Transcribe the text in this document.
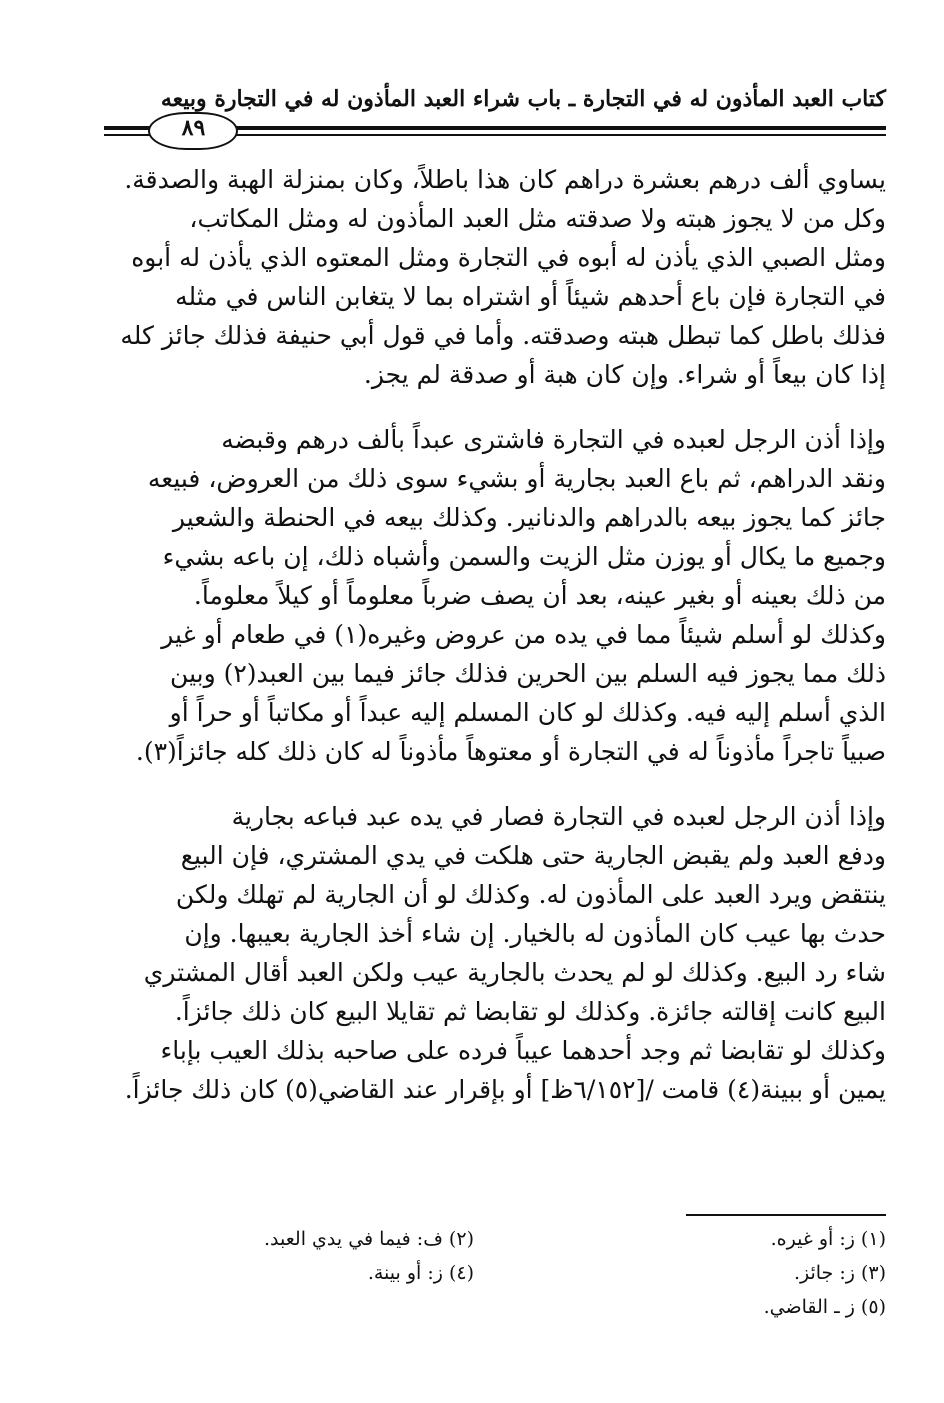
كتاب العبد المأذون له في التجارة ـ باب شراء العبد المأذون له في التجارة وبيعه
٨٩
يساوي ألف درهم بعشرة دراهم كان هذا باطلاً، وكان بمنزلة الهبة والصدقة.
وكل من لا يجوز هبته ولا صدقته مثل العبد المأذون له ومثل المكاتب،
ومثل الصبي الذي يأذن له أبوه في التجارة ومثل المعتوه الذي يأذن له أبوه
في التجارة فإن باع أحدهم شيئاً أو اشتراه بما لا يتغابن الناس في مثله
فذلك باطل كما تبطل هبته وصدقته. وأما في قول أبي حنيفة فذلك جائز كله
إذا كان بيعاً أو شراء. وإن كان هبة أو صدقة لم يجز.
وإذا أذن الرجل لعبده في التجارة فاشترى عبداً بألف درهم وقبضه
ونقد الدراهم، ثم باع العبد بجارية أو بشيء سوى ذلك من العروض، فبيعه
جائز كما يجوز بيعه بالدراهم والدنانير. وكذلك بيعه في الحنطة والشعير
وجميع ما يكال أو يوزن مثل الزيت والسمن وأشباه ذلك، إن باعه بشيء
من ذلك بعينه أو بغير عينه، بعد أن يصف ضرباً معلوماً أو كيلاً معلوماً.
وكذلك لو أسلم شيئاً مما في يده من عروض وغيره(١) في طعام أو غير
ذلك مما يجوز فيه السلم بين الحرين فذلك جائز فيما بين العبد(٢) وبين
الذي أسلم إليه فيه. وكذلك لو كان المسلم إليه عبداً أو مكاتباً أو حراً أو
صبياً تاجراً مأذوناً له في التجارة أو معتوهاً مأذوناً له كان ذلك كله جائزاً(٣).
وإذا أذن الرجل لعبده في التجارة فصار في يده عبد فباعه بجارية
ودفع العبد ولم يقبض الجارية حتى هلكت في يدي المشتري، فإن البيع
ينتقض ويرد العبد على المأذون له. وكذلك لو أن الجارية لم تهلك ولكن
حدث بها عيب كان المأذون له بالخيار. إن شاء أخذ الجارية بعيبها. وإن
شاء رد البيع. وكذلك لو لم يحدث بالجارية عيب ولكن العبد أقال المشتري
البيع كانت إقالته جائزة. وكذلك لو تقابضا ثم تقايلا البيع كان ذلك جائزاً.
وكذلك لو تقابضا ثم وجد أحدهما عيباً فرده على صاحبه بذلك العيب بإباء
يمين أو ببينة(٤) قامت /[٦/١٥٢ظ] أو بإقرار عند القاضي(٥) كان ذلك جائزاً.
(١) ز: أو غيره.
(٢) ف: فيما في يدي العبد.
(٣) ز: جائز.
(٤) ز: أو بينة.
(٥) ز ـ القاضي.
